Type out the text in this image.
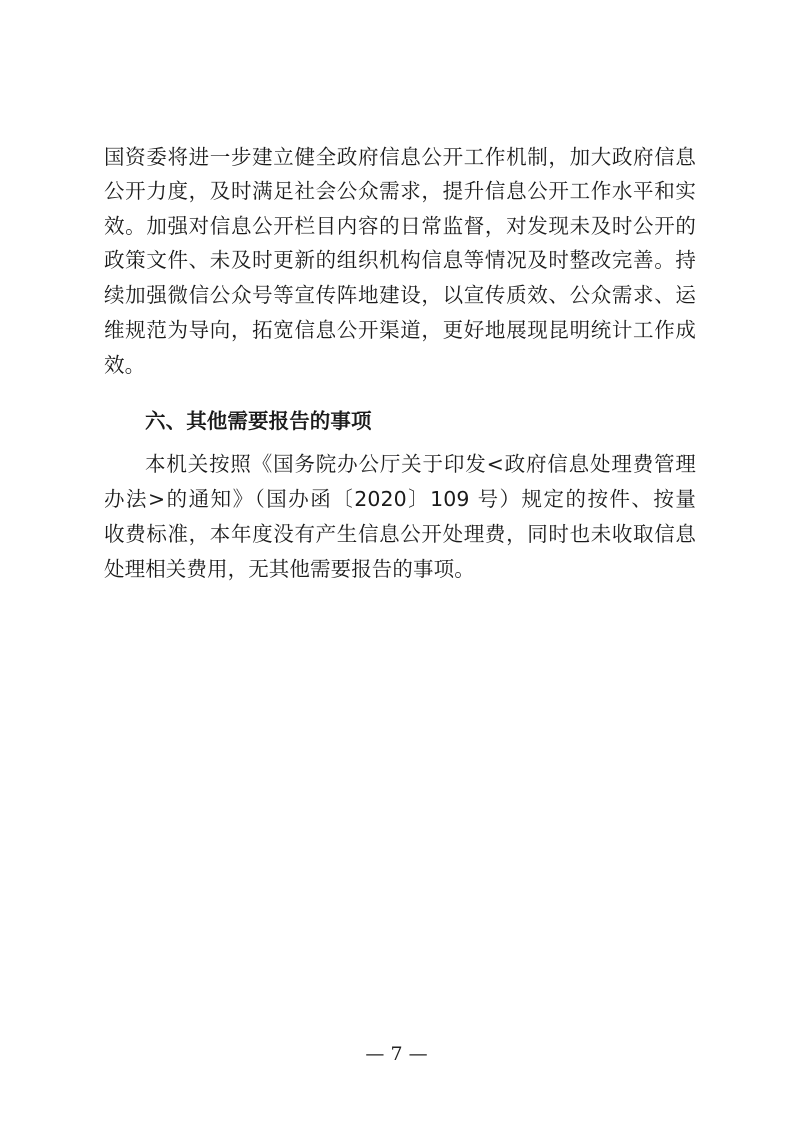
国资委将进一步建立健全政府信息公开工作机制，加大政府信息
公开力度，及时满足社会公众需求，提升信息公开工作水平和实
效。加强对信息公开栏目内容的日常监督，对发现未及时公开的
政策文件、未及时更新的组织机构信息等情况及时整改完善。持
续加强微信公众号等宣传阵地建设，以宣传质效、公众需求、运
维规范为导向，拓宽信息公开渠道，更好地展现昆明统计工作成
效。
六、其他需要报告的事项
本机关按照《国务院办公厅关于印发<政府信息处理费管理
办法>的通知》（国办函〔2020〕109 号）规定的按件、按量
收费标准，本年度没有产生信息公开处理费，同时也未收取信息
处理相关费用，无其他需要报告的事项。
— 7 —
